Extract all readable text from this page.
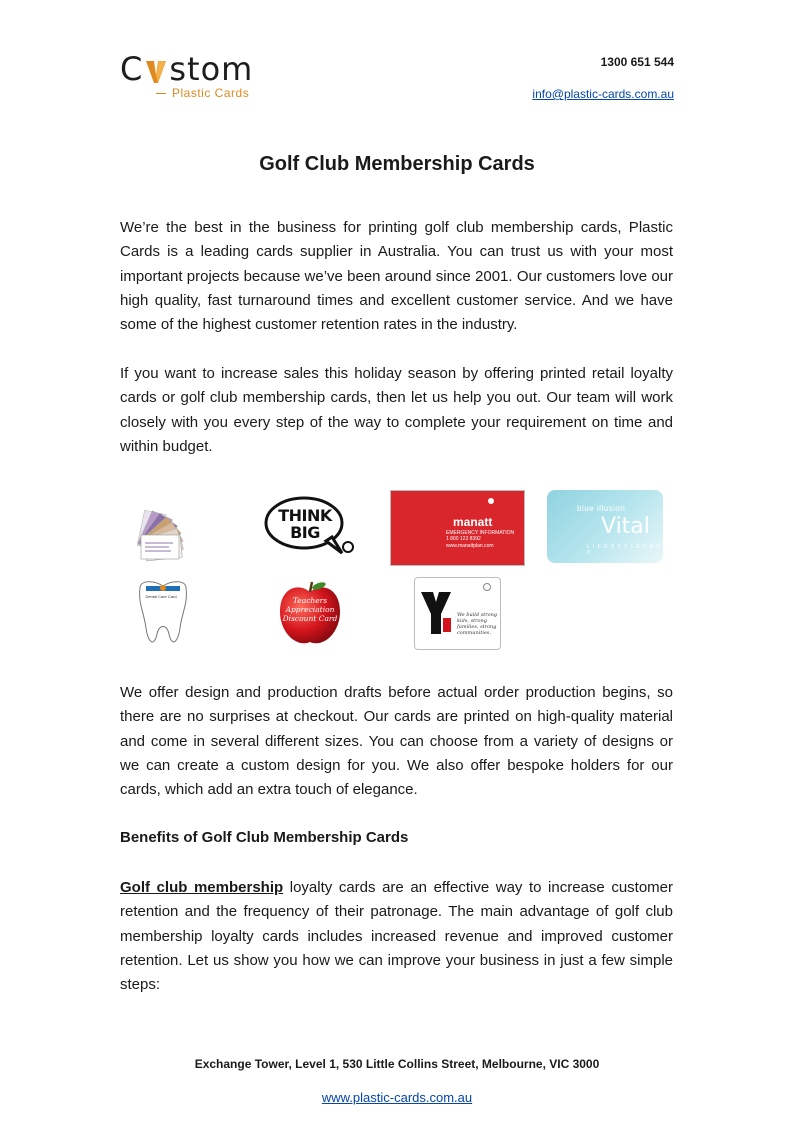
C stom
Plastic Cards
1300 651 544
info@plastic-cards.com.au
Golf Club Membership Cards

We’re the best in the business for printing golf club membership cards, Plastic Cards is a leading cards supplier in Australia. You can trust us with your most important projects because we’ve been around since 2001. Our customers love our high quality, fast turnaround times and excellent customer service. And we have some of the highest customer retention rates in the industry.

If you want to increase sales this holiday season by offering printed retail loyalty cards or golf club membership cards, then let us help you out. Our team will work closely with you every step of the way to complete your requirement on time and within budget.

THINK
BIG
manatt
EMERGENCY INFORMATION
1 800 123 8392
www.manattplan.com
blue illusion
Vital
L I F E S T Y L E C A R D
Dental Care Card	Teachers Appreciation Discount Card	We build strong kids, strong families, strong communities.

We offer design and production drafts before actual order production begins, so there are no surprises at checkout. Our cards are printed on high-quality material and come in several different sizes. You can choose from a variety of designs or we can create a custom design for you. We also offer bespoke holders for our cards, which add an extra touch of elegance.

Benefits of Golf Club Membership Cards

Golf club membership loyalty cards are an effective way to increase customer retention and the frequency of their patronage. The main advantage of golf club membership loyalty cards includes increased revenue and improved customer retention. Let us show you how we can improve your business in just a few simple steps:

Exchange Tower, Level 1, 530 Little Collins Street, Melbourne, VIC 3000
www.plastic-cards.com.au
